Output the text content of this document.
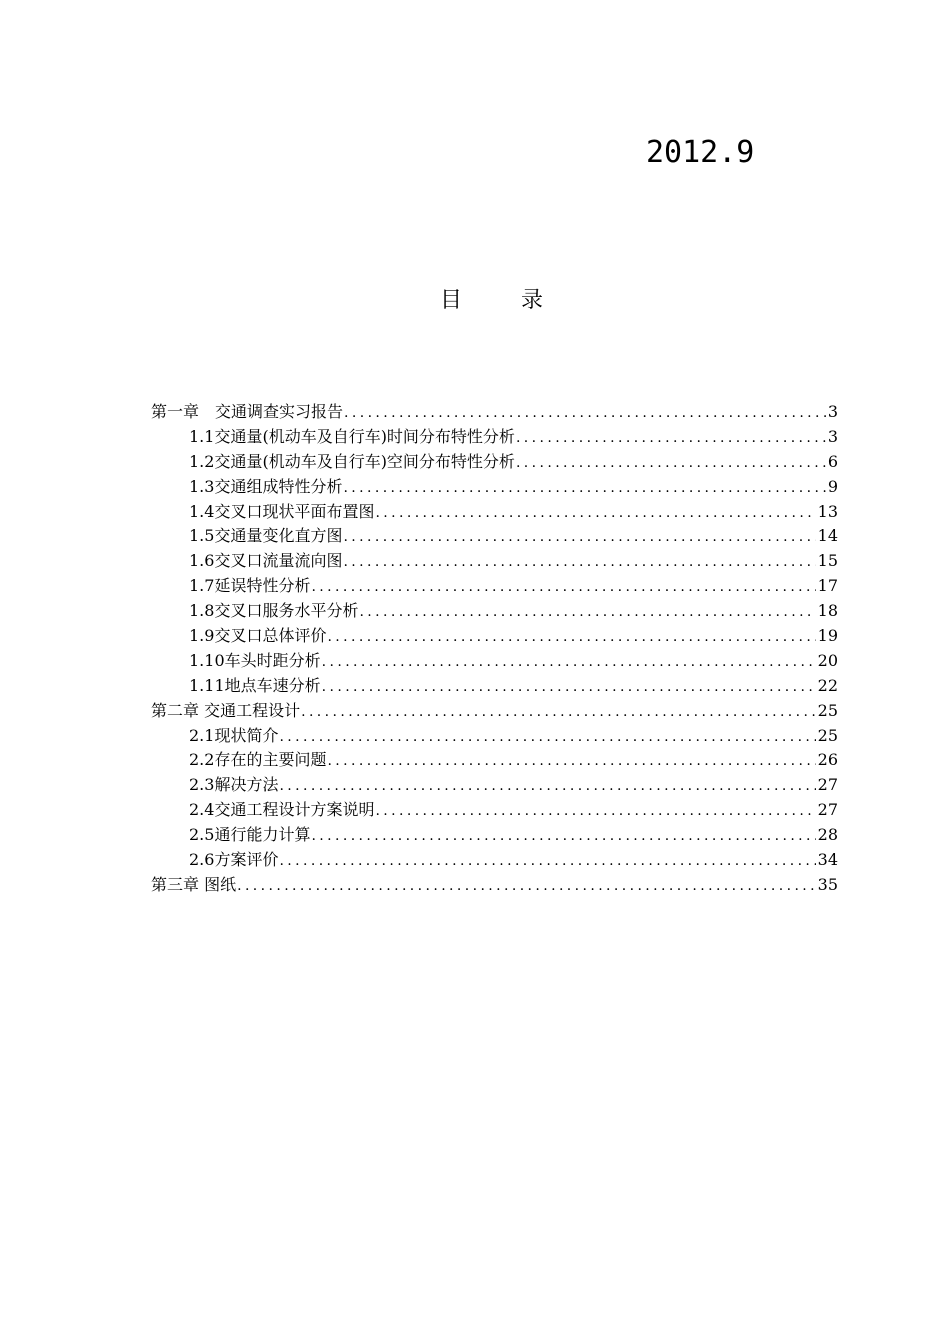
2012.9
目 录
第一章　交通调查实习报告 .....	3
1.1交通量(机动车及自行车)时间分布特性分析 .....	3
1.2交通量(机动车及自行车)空间分布特性分析 .....	6
1.3交通组成特性分析 .....	9
1.4交叉口现状平面布置图 .....	13
1.5交通量变化直方图 .....	14
1.6交叉口流量流向图 .....	15
1.7延误特性分析 .....	17
1.8交叉口服务水平分析 .....	18
1.9交叉口总体评价 .....	19
1.10车头时距分析 .....	20
1.11地点车速分析 .....	22
第二章 交通工程设计 .....	25
2.1现状简介 .....	25
2.2存在的主要问题 .....	26
2.3解决方法 .....	27
2.4交通工程设计方案说明 .....	27
2.5通行能力计算 .....	28
2.6方案评价 .....	34
第三章 图纸 .....	35
